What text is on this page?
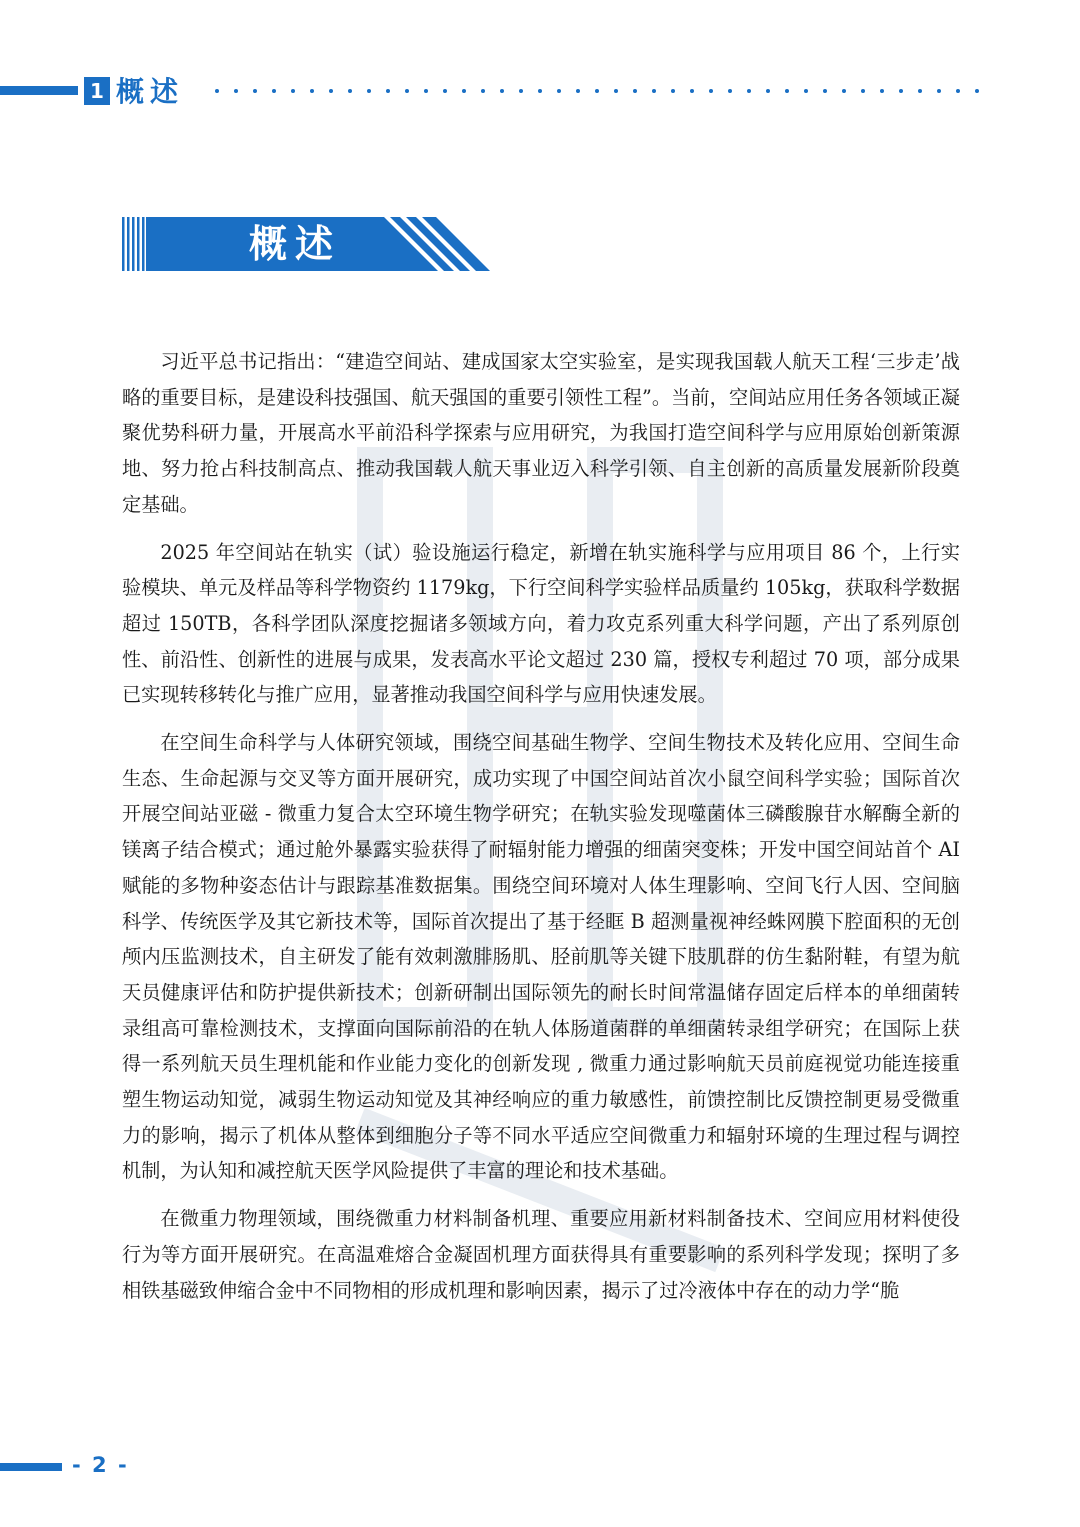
1 概述
概述

习近平总书记指出：“建造空间站、建成国家太空实验室，是实现我国载人航天工程‘三步走’战略的重要目标，是建设科技强国、航天强国的重要引领性工程”。当前，空间站应用任务各领域正凝聚优势科研力量，开展高水平前沿科学探索与应用研究，为我国打造空间科学与应用原始创新策源地、努力抢占科技制高点、推动我国载人航天事业迈入科学引领、自主创新的高质量发展新阶段奠定基础。

2025 年空间站在轨实（试）验设施运行稳定，新增在轨实施科学与应用项目 86 个，上行实验模块、单元及样品等科学物资约 1179kg，下行空间科学实验样品质量约 105kg，获取科学数据超过 150TB，各科学团队深度挖掘诸多领域方向，着力攻克系列重大科学问题，产出了系列原创性、前沿性、创新性的进展与成果，发表高水平论文超过 230 篇，授权专利超过 70 项，部分成果已实现转移转化与推广应用，显著推动我国空间科学与应用快速发展。

在空间生命科学与人体研究领域，围绕空间基础生物学、空间生物技术及转化应用、空间生命生态、生命起源与交叉等方面开展研究，成功实现了中国空间站首次小鼠空间科学实验；国际首次开展空间站亚磁 - 微重力复合太空环境生物学研究；在轨实验发现噬菌体三磷酸腺苷水解酶全新的镁离子结合模式；通过舱外暴露实验获得了耐辐射能力增强的细菌突变株；开发中国空间站首个 AI 赋能的多物种姿态估计与跟踪基准数据集。围绕空间环境对人体生理影响、空间飞行人因、空间脑科学、传统医学及其它新技术等，国际首次提出了基于经眶 B 超测量视神经蛛网膜下腔面积的无创颅内压监测技术，自主研发了能有效刺激腓肠肌、胫前肌等关键下肢肌群的仿生黏附鞋，有望为航天员健康评估和防护提供新技术；创新研制出国际领先的耐长时间常温储存固定后样本的单细菌转录组高可靠检测技术，支撑面向国际前沿的在轨人体肠道菌群的单细菌转录组学研究；在国际上获得一系列航天员生理机能和作业能力变化的创新发现 , 微重力通过影响航天员前庭视觉功能连接重塑生物运动知觉，减弱生物运动知觉及其神经响应的重力敏感性，前馈控制比反馈控制更易受微重力的影响，揭示了机体从整体到细胞分子等不同水平适应空间微重力和辐射环境的生理过程与调控机制，为认知和减控航天医学风险提供了丰富的理论和技术基础。

在微重力物理领域，围绕微重力材料制备机理、重要应用新材料制备技术、空间应用材料使役行为等方面开展研究。在高温难熔合金凝固机理方面获得具有重要影响的系列科学发现；探明了多相铁基磁致伸缩合金中不同物相的形成机理和影响因素，揭示了过冷液体中存在的动力学“脆

- 2 -
